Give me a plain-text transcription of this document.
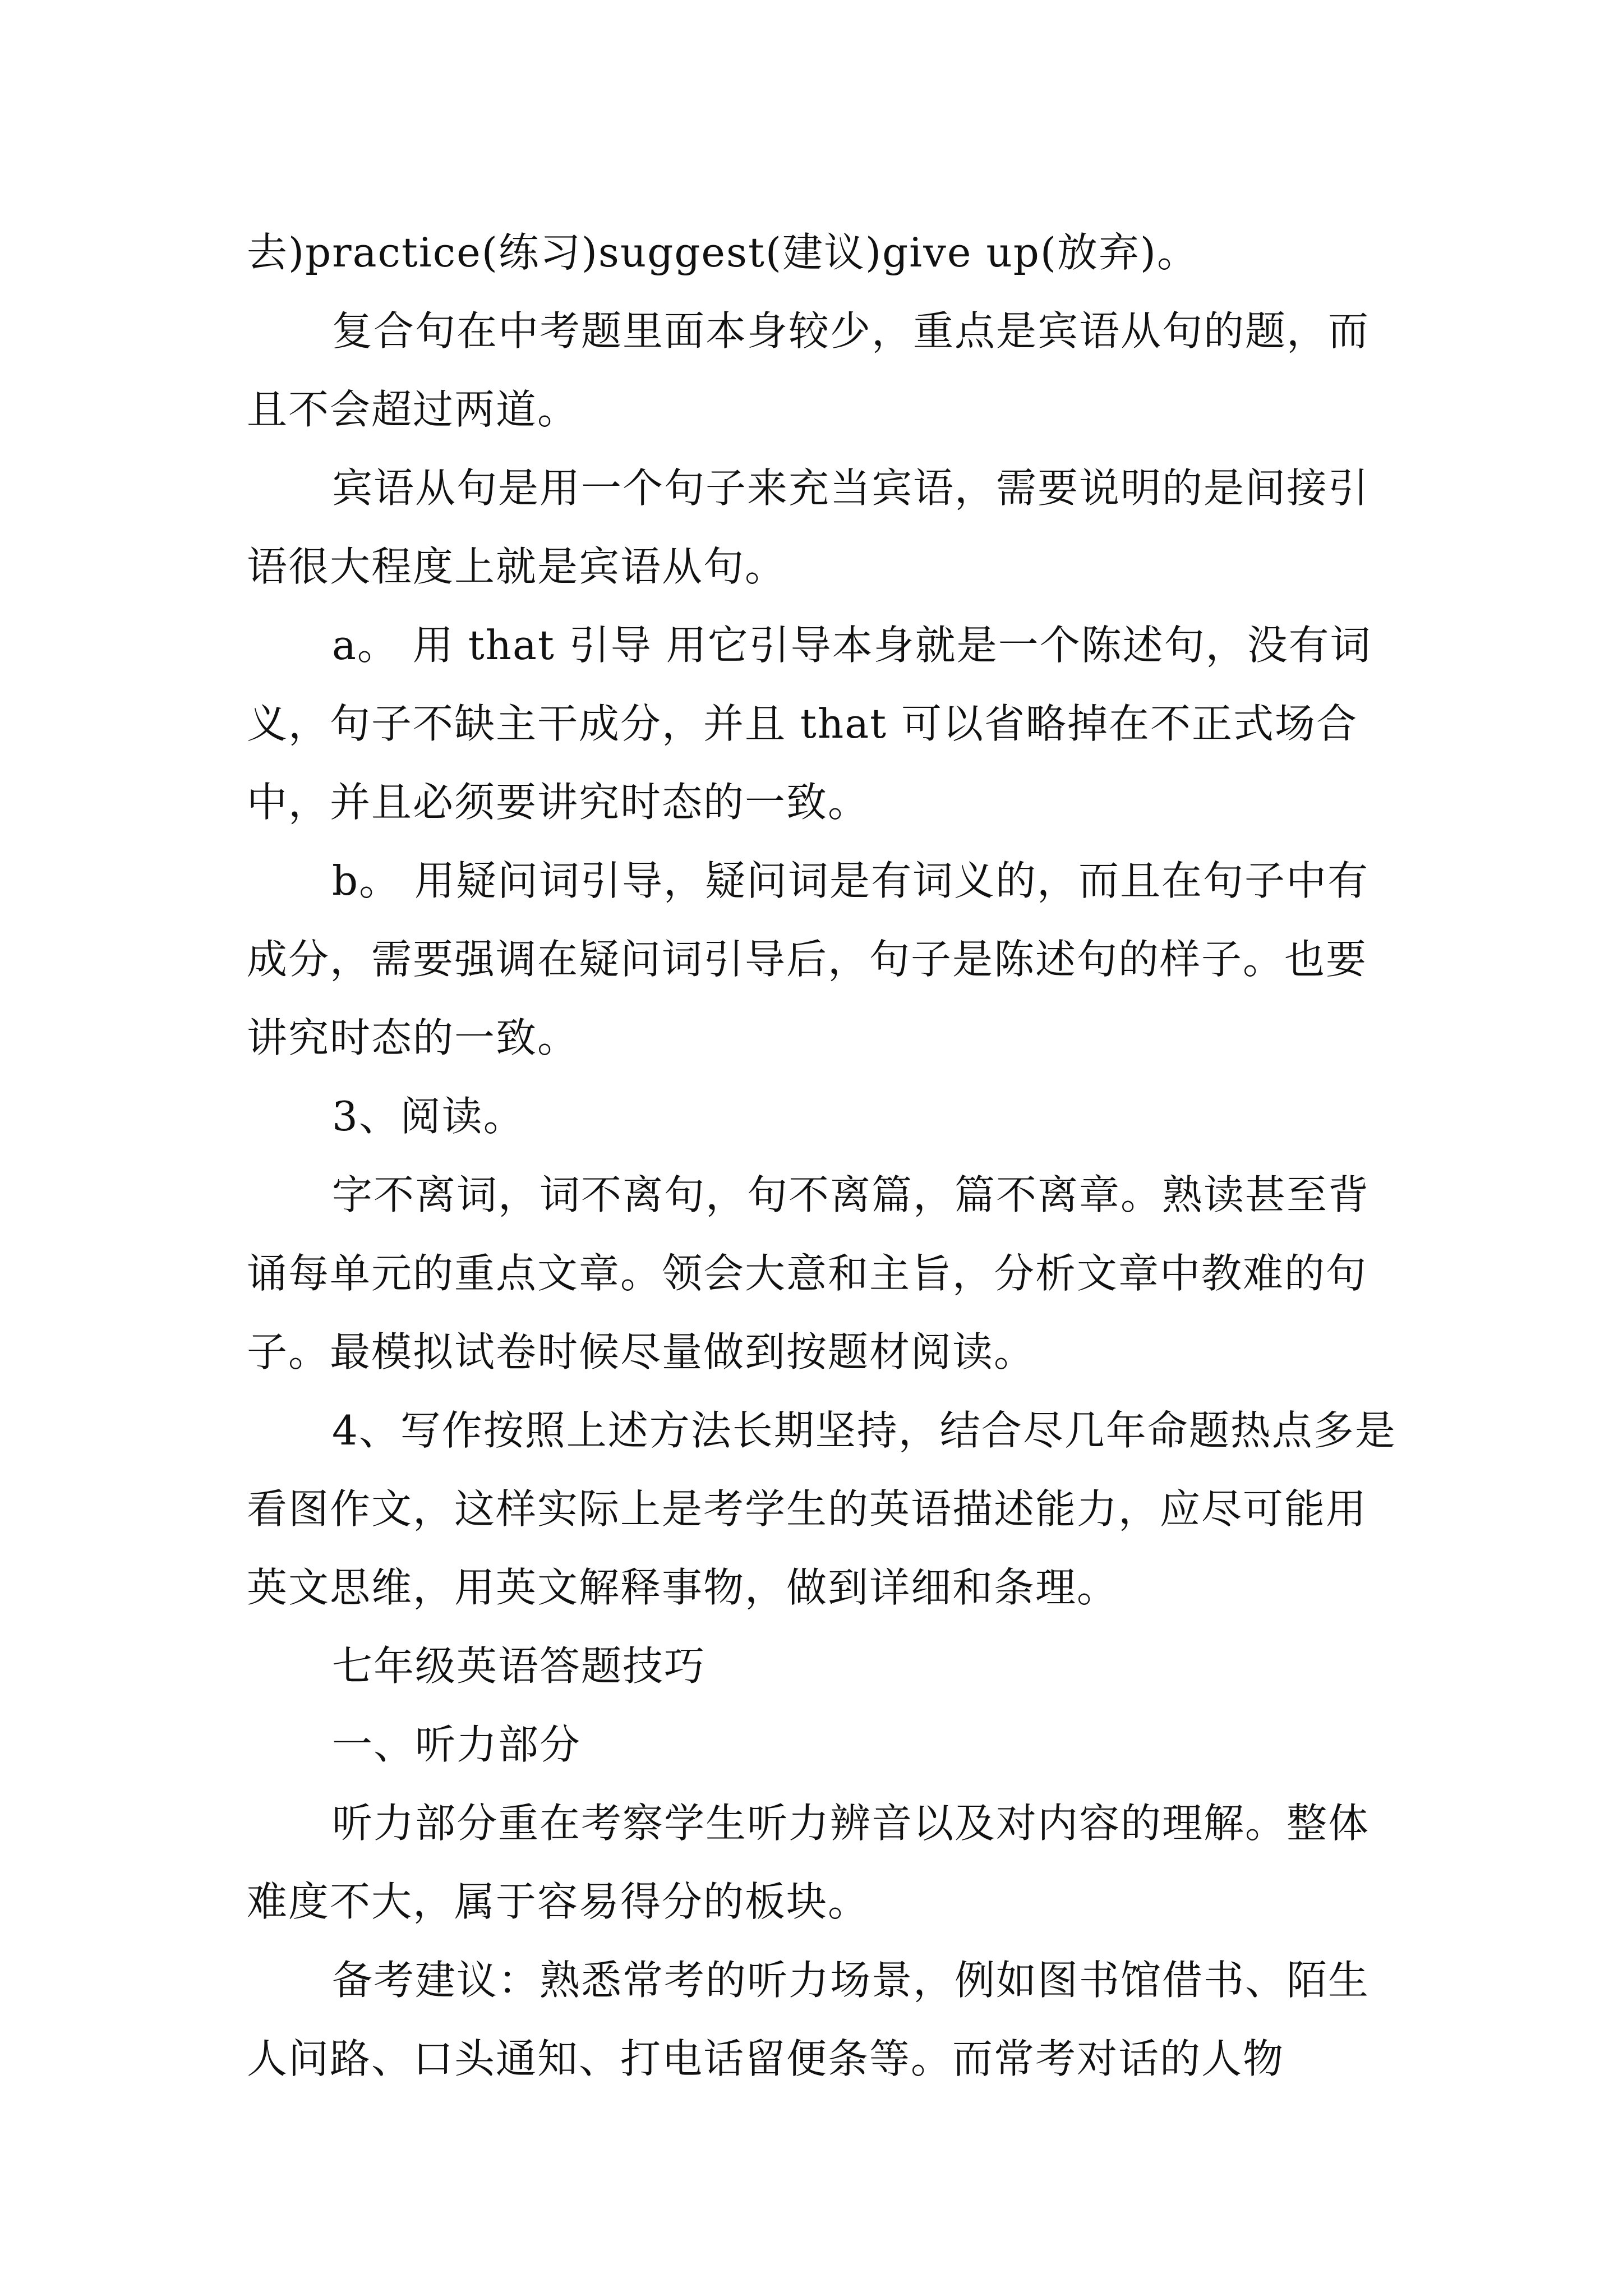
去)practice(练习)suggest(建议)give up(放弃)。

复合句在中考题里面本身较少，重点是宾语从句的题，而且不会超过两道。

宾语从句是用一个句子来充当宾语，需要说明的是间接引语很大程度上就是宾语从句。

a。 用 that 引导 用它引导本身就是一个陈述句，没有词义，句子不缺主干成分，并且 that 可以省略掉在不正式场合中，并且必须要讲究时态的一致。

b。 用疑问词引导，疑问词是有词义的，而且在句子中有成分，需要强调在疑问词引导后，句子是陈述句的样子。也要讲究时态的一致。

3、阅读。

字不离词，词不离句，句不离篇，篇不离章。熟读甚至背诵每单元的重点文章。领会大意和主旨，分析文章中教难的句子。最模拟试卷时候尽量做到按题材阅读。

4、写作按照上述方法长期坚持，结合尽几年命题热点多是看图作文，这样实际上是考学生的英语描述能力，应尽可能用英文思维，用英文解释事物，做到详细和条理。

七年级英语答题技巧

一、听力部分

听力部分重在考察学生听力辨音以及对内容的理解。整体难度不大，属于容易得分的板块。

备考建议：熟悉常考的听力场景，例如图书馆借书、陌生人问路、口头通知、打电话留便条等。而常考对话的人物
